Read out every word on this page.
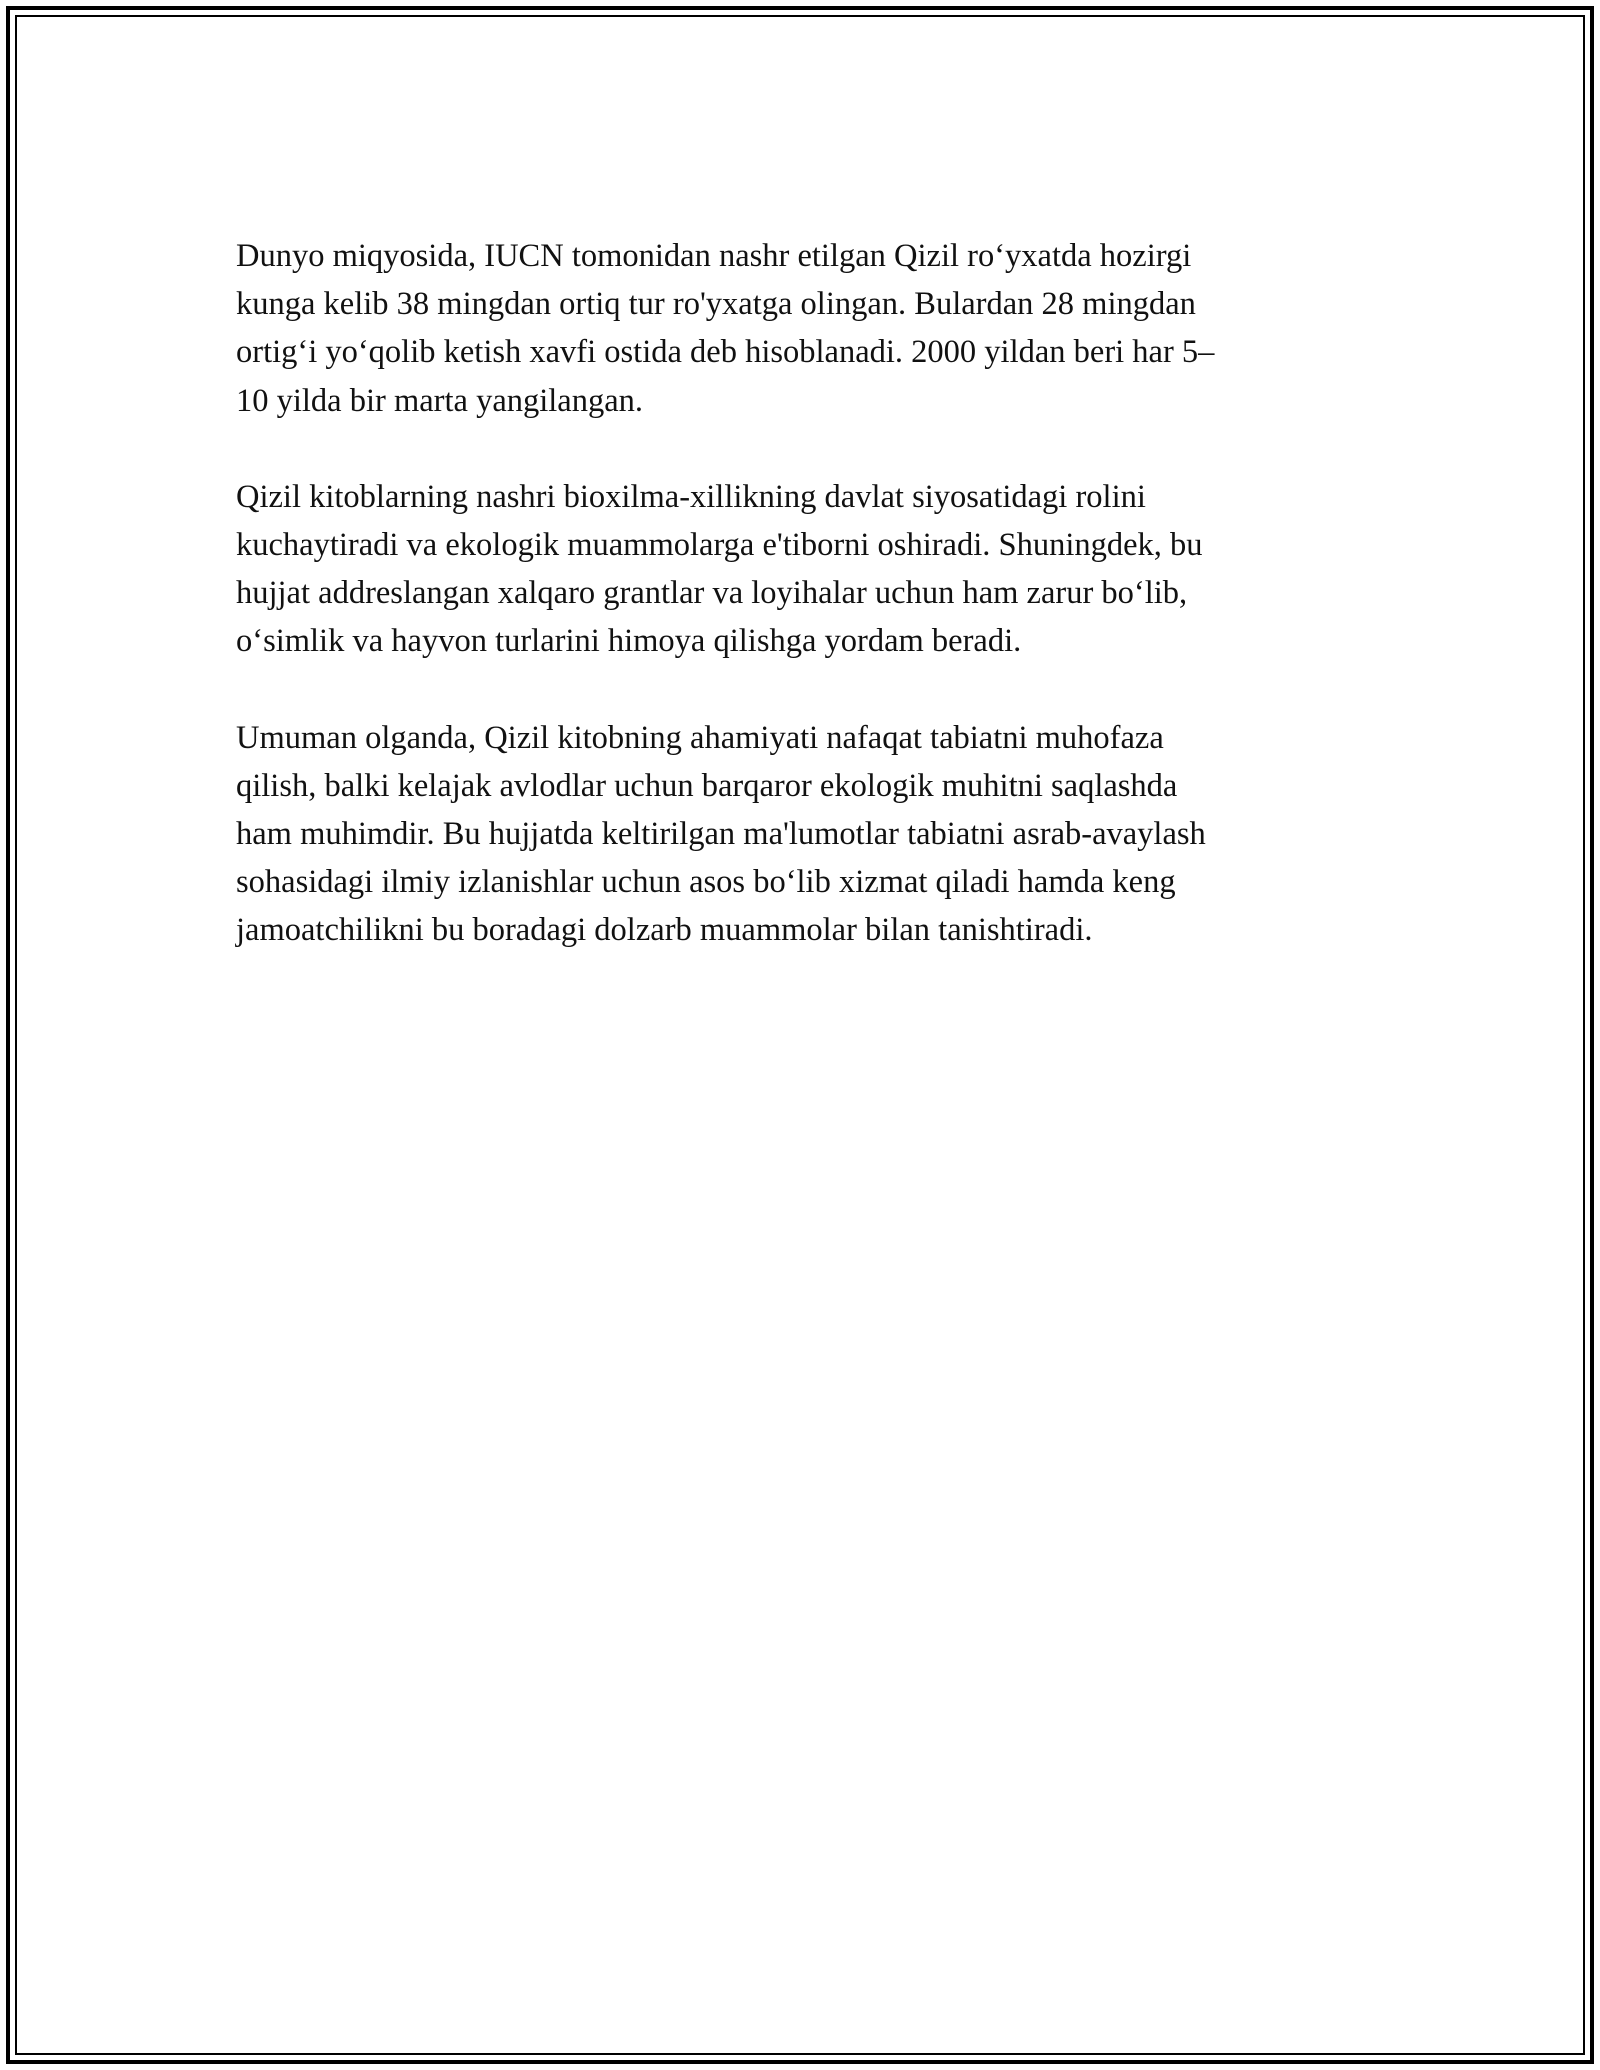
Dunyo miqyosida, IUCN tomonidan nashr etilgan Qizil roʻyxatda hozirgi
kunga kelib 38 mingdan ortiq tur ro'yxatga olingan. Bulardan 28 mingdan
ortigʻi yoʻqolib ketish xavfi ostida deb hisoblanadi. 2000 yildan beri har 5–
10 yilda bir marta yangilangan.

Qizil kitoblarning nashri bioxilma-xillikning davlat siyosatidagi rolini
kuchaytiradi va ekologik muammolarga e'tiborni oshiradi. Shuningdek, bu
hujjat addreslangan xalqaro grantlar va loyihalar uchun ham zarur boʻlib,
oʻsimlik va hayvon turlarini himoya qilishga yordam beradi.

Umuman olganda, Qizil kitobning ahamiyati nafaqat tabiatni muhofaza
qilish, balki kelajak avlodlar uchun barqaror ekologik muhitni saqlashda
ham muhimdir. Bu hujjatda keltirilgan ma'lumotlar tabiatni asrab-avaylash
sohasidagi ilmiy izlanishlar uchun asos boʻlib xizmat qiladi hamda keng
jamoatchilikni bu boradagi dolzarb muammolar bilan tanishtiradi.
